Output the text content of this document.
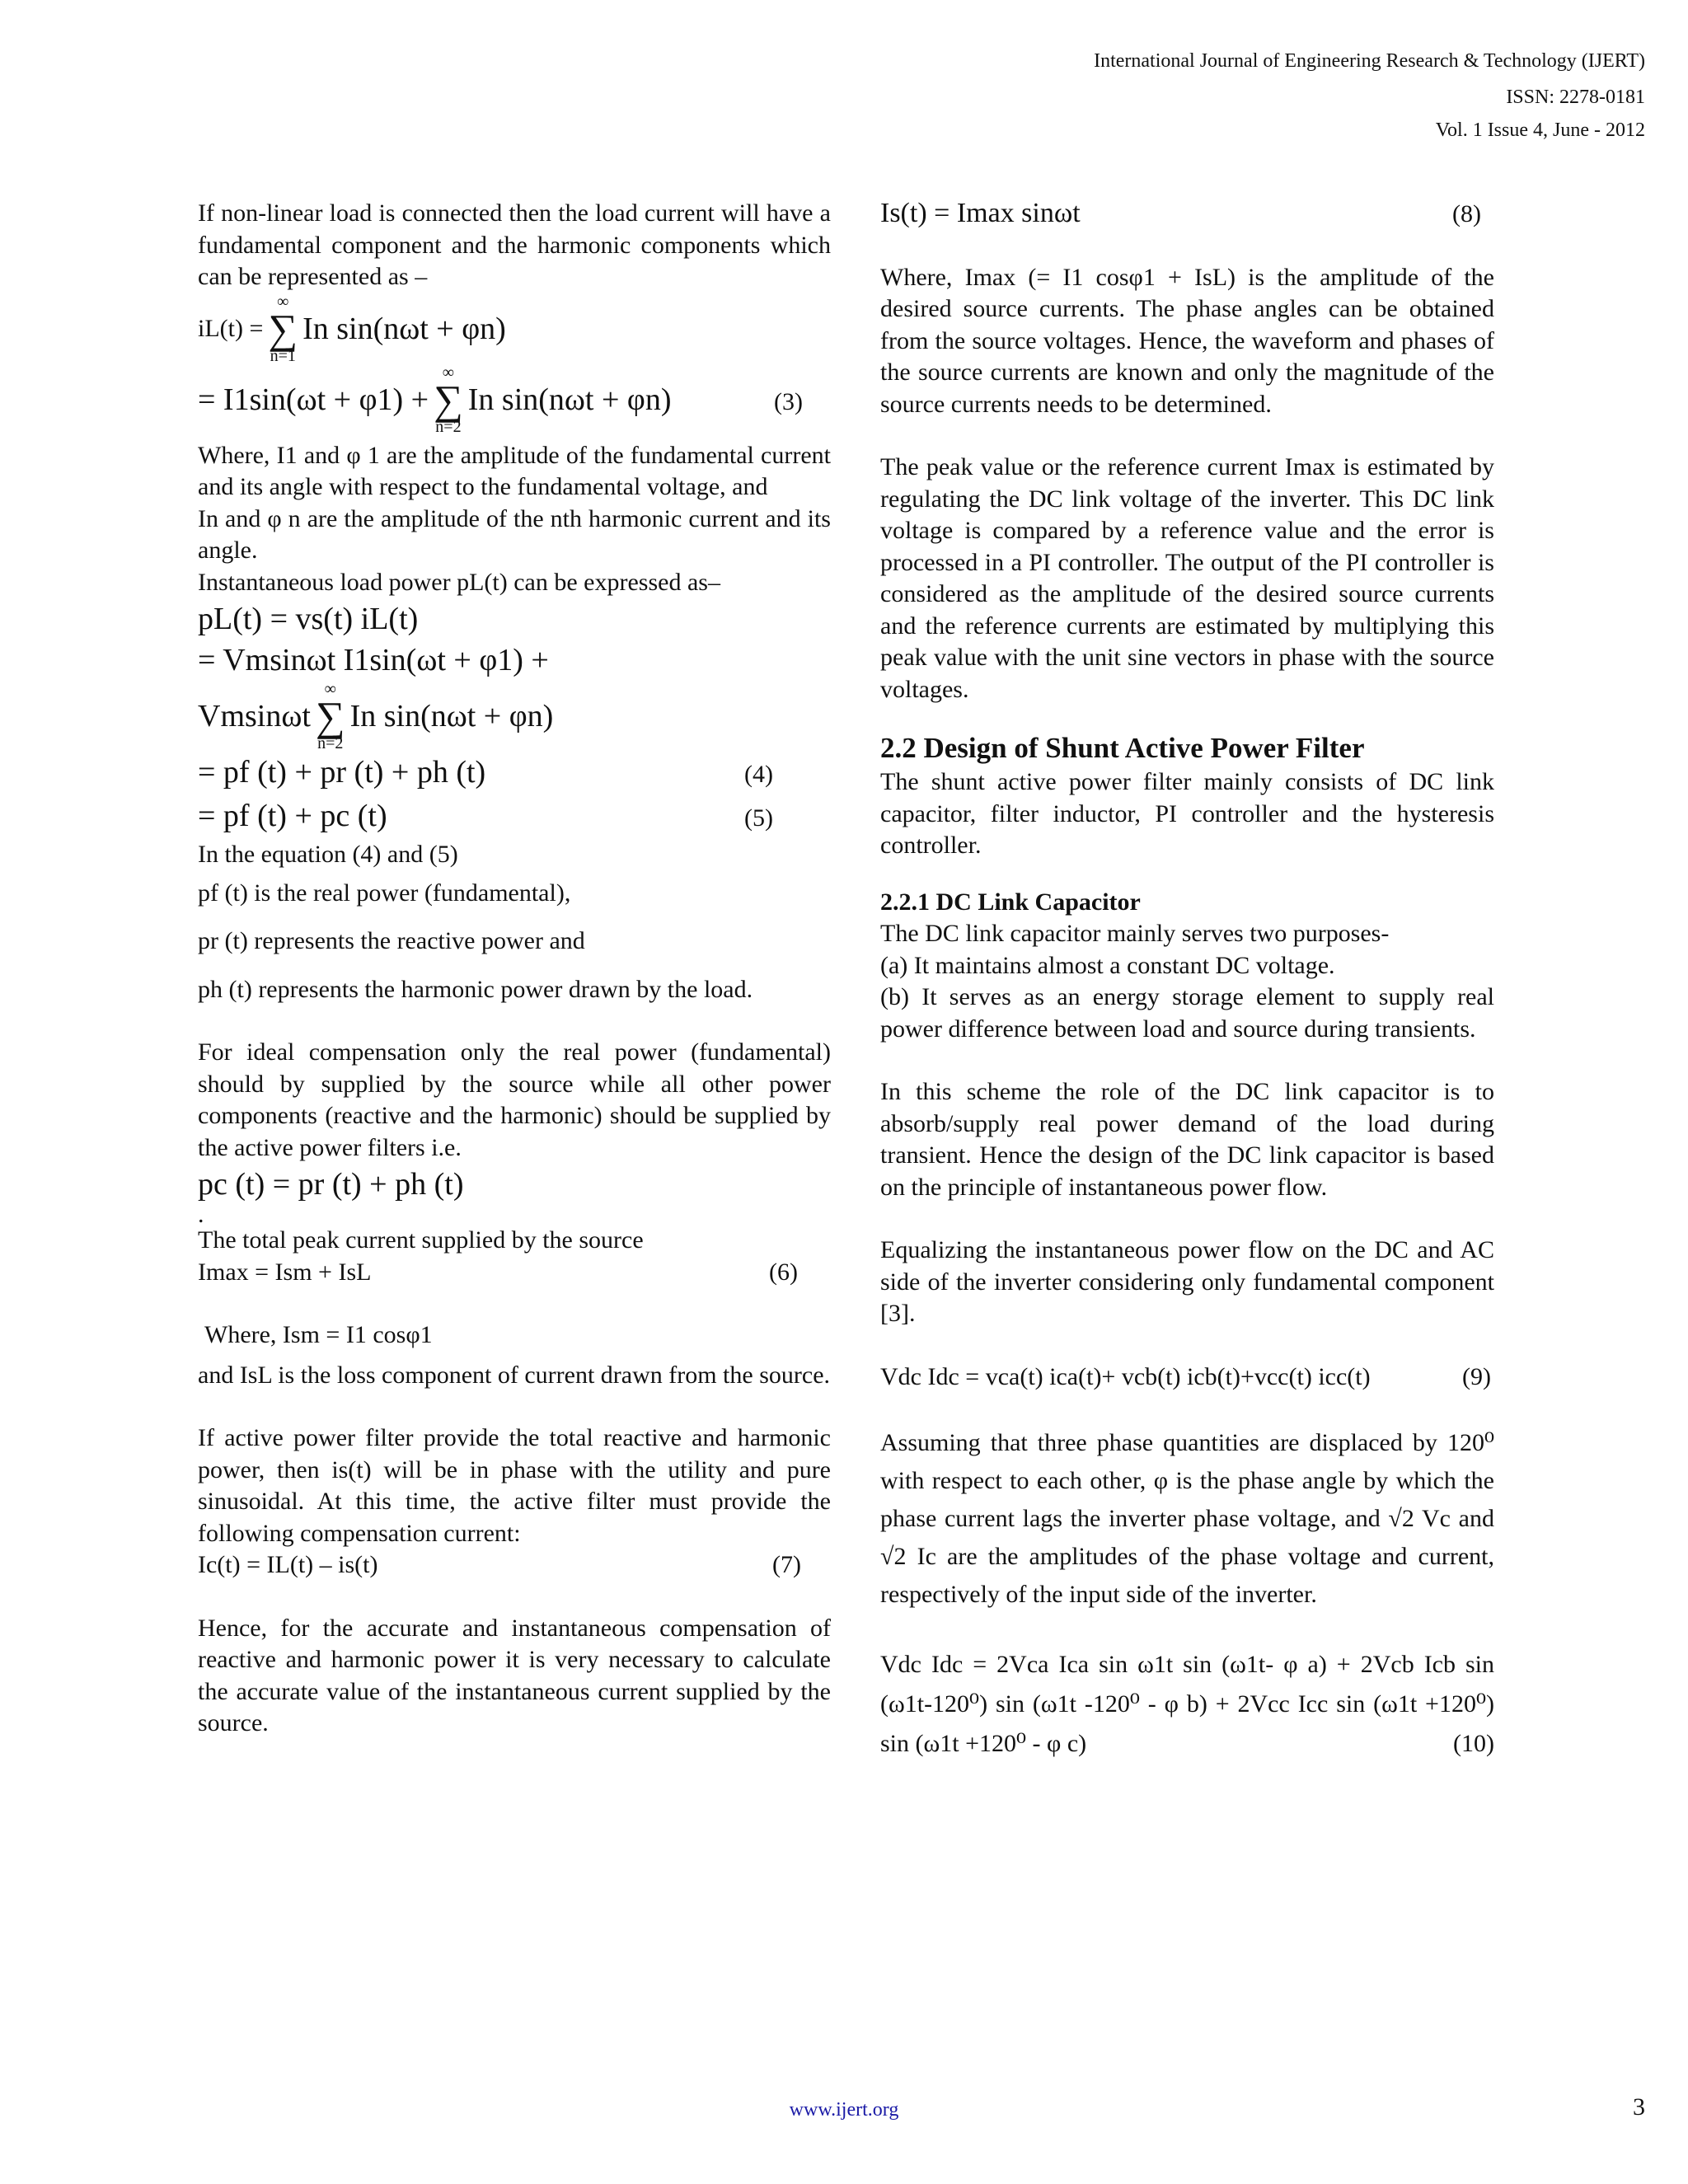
International Journal of Engineering Research & Technology (IJERT)
ISSN: 2278-0181
Vol. 1 Issue 4, June - 2012

If non-linear load is connected then the load current will have a fundamental component and the harmonic components which can be represented as –

iL(t) =
∞
∑
n=1
In sin(nωt + φn)
= I1sin(ωt + φ1) +
∞
∑
n=2
In sin(nωt + φn)	(3)

Where, I1 and φ 1 are the amplitude of the fundamental current and its angle with respect to the fundamental voltage, and

In and φ n are the amplitude of the nth harmonic current and its angle.

Instantaneous load power pL(t) can be expressed as–

pL(t) = vs(t) iL(t)
= Vmsinωt I1sin(ωt + φ1) +
Vmsinωt
∞
∑
n=2
In sin(nωt + φn)
= pf (t) + pr (t) + ph (t)	(4)
= pf (t) + pc (t)	(5)

In the equation (4) and (5)

pf (t) is the real power (fundamental),

pr (t) represents the reactive power and

ph (t) represents the harmonic power drawn by the load.

For ideal compensation only the real power (fundamental) should by supplied by the source while all other power components (reactive and the harmonic) should be supplied by the active power filters i.e.

pc (t) = pr (t) + ph (t)

.

The total peak current supplied by the source

Imax = Ism + IsL	(6)

Where, Ism = I1 cosφ1

and IsL is the loss component of current drawn from the source.

If active power filter provide the total reactive and harmonic power, then is(t) will be in phase with the utility and pure sinusoidal. At this time, the active filter must provide the following compensation current:

Ic(t) = IL(t) – is(t)	(7)

Hence, for the accurate and instantaneous compensation of reactive and harmonic power it is very necessary to calculate the accurate value of the instantaneous current supplied by the source.

Is(t) = Imax sinωt	(8)

Where, Imax (= I1 cosφ1 + IsL) is the amplitude of the desired source currents. The phase angles can be obtained from the source voltages. Hence, the waveform and phases of the source currents are known and only the magnitude of the source currents needs to be determined.

The peak value or the reference current Imax is estimated by regulating the DC link voltage of the inverter. This DC link voltage is compared by a reference value and the error is processed in a PI controller. The output of the PI controller is considered as the amplitude of the desired source currents and the reference currents are estimated by multiplying this peak value with the unit sine vectors in phase with the source voltages.

2.2 Design of Shunt Active Power Filter

The shunt active power filter mainly consists of DC link capacitor, filter inductor, PI controller and the hysteresis controller.

2.2.1 DC Link Capacitor

The DC link capacitor mainly serves two purposes-

(a) It maintains almost a constant DC voltage.

(b) It serves as an energy storage element to supply real power difference between load and source during transients.

In this scheme the role of the DC link capacitor is to absorb/supply real power demand of the load during transient. Hence the design of the DC link capacitor is based on the principle of instantaneous power flow.

Equalizing the instantaneous power flow on the DC and AC side of the inverter considering only fundamental component [3].

Vdc Idc = vca(t) ica(t)+ vcb(t) icb(t)+vcc(t) icc(t)	(9)

Assuming that three phase quantities are displaced by 120⁰ with respect to each other, φ is the phase angle by which the phase current lags the inverter phase voltage, and √2 Vc and √2 Ic are the amplitudes of the phase voltage and current, respectively of the input side of the inverter.

Vdc Idc = 2Vca Ica sin ω1t sin (ω1t- φ a) + 2Vcb Icb sin (ω1t-120⁰) sin (ω1t -120⁰ - φ b) + 2Vcc Icc sin (ω1t +120⁰) sin (ω1t +120⁰ - φ c)	(10)
www.ijert.org	3
